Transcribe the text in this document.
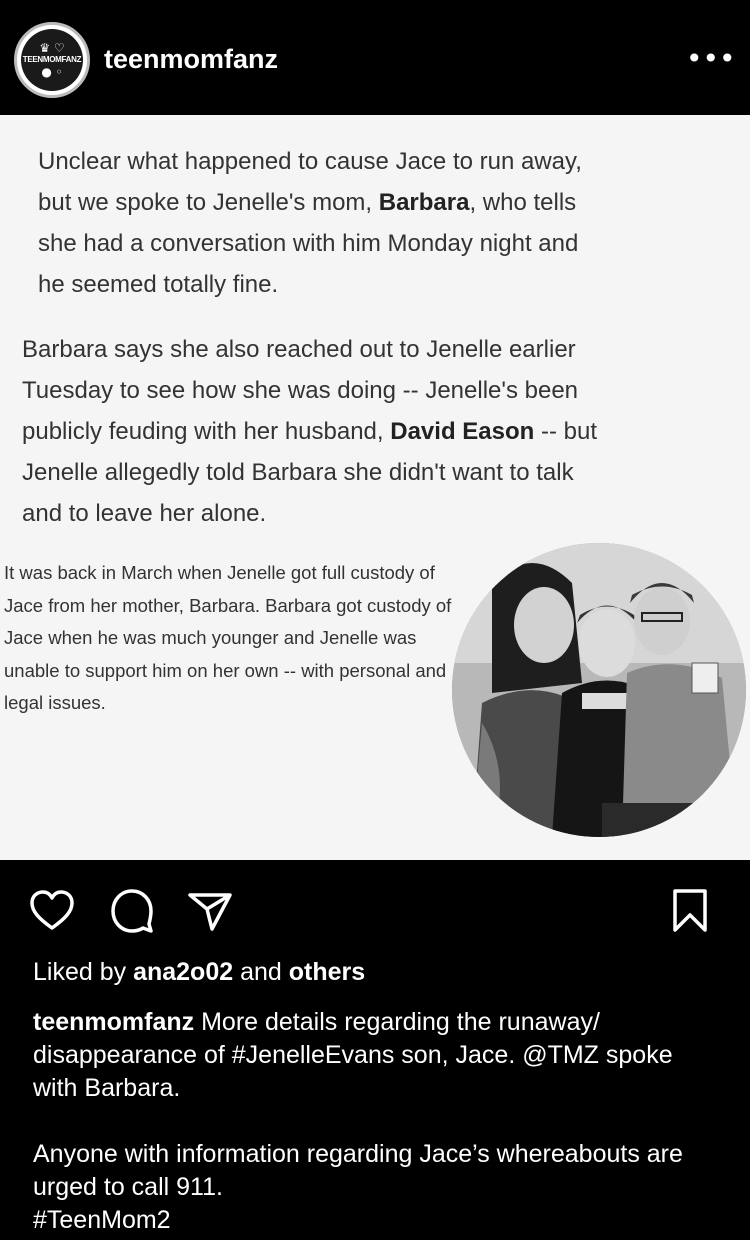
♛ ♡
TEENMOMFANZ
● ◦ teenmomfanz	•••

Unclear what happened to cause Jace to run away, but we spoke to Jenelle's mom, Barbara, who tells she had a conversation with him Monday night and he seemed totally fine.

Barbara says she also reached out to Jenelle earlier Tuesday to see how she was doing -- Jenelle's been publicly feuding with her husband, David Eason -- but Jenelle allegedly told Barbara she didn't want to talk and to leave her alone.

It was back in March when Jenelle got full custody of Jace from her mother, Barbara. Barbara got custody of Jace when he was much younger and Jenelle was unable to support him on her own -- with personal and legal issues.

Liked by ana2o02 and others
teenmomfanz More details regarding the runaway/ disappearance of #JenelleEvans son, Jace. @TMZ spoke with Barbara.
Anyone with information regarding Jace’s whereabouts are urged to call 911.
#TeenMom2
